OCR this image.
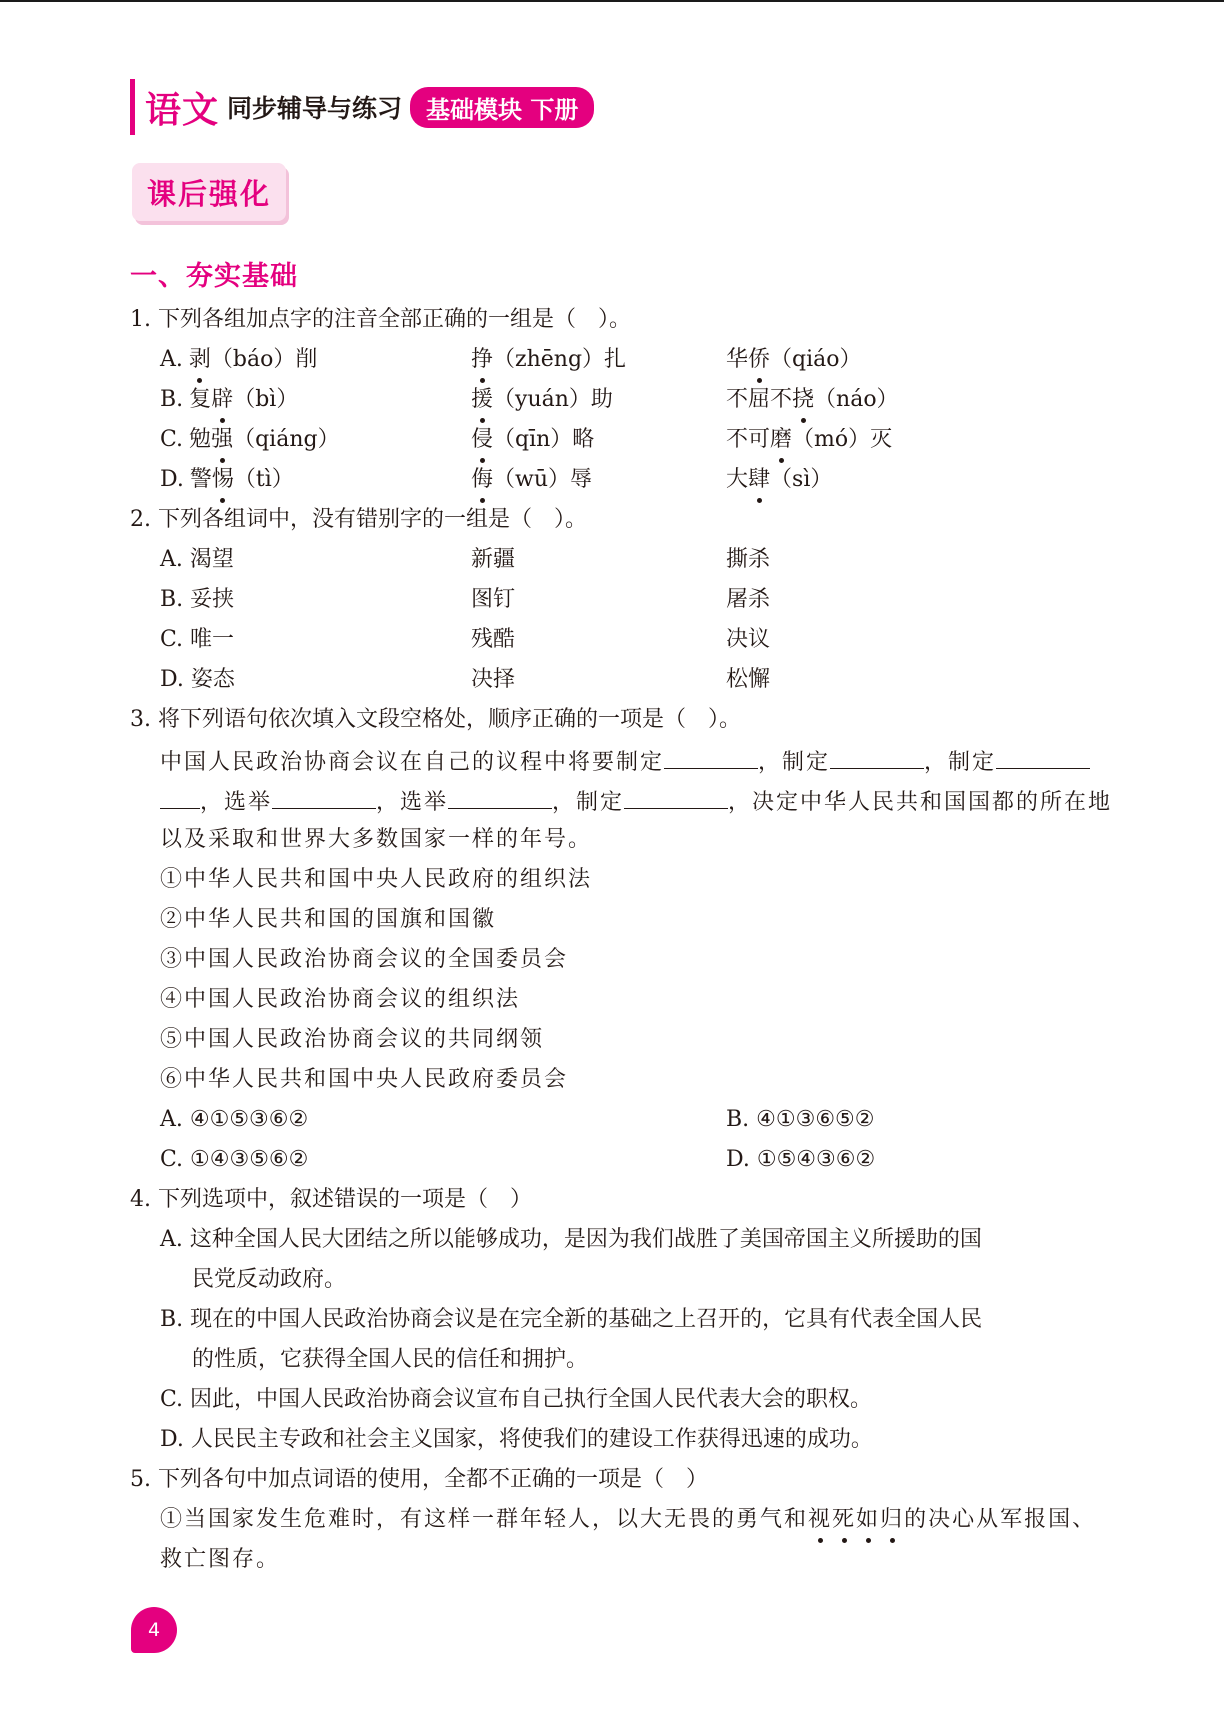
语文 同步辅导与练习	基础模块 下册
课后强化
一、夯实基础
1. 下列各组加点字的注音全部正确的一组是（　）。
A. 剥（báo）削	挣（zhēng）扎	华侨（qiáo）
B. 复辟（bì）	援（yuán）助	不屈不挠（náo）
C. 勉强（qiáng）	侵（qīn）略	不可磨（mó）灭
D. 警惕（tì）	侮（wū）辱	大肆（sì）
2. 下列各组词中，没有错别字的一组是（　）。
A. 渴望	新疆	撕杀
B. 妥挟	图钉	屠杀
C. 唯一	残酷	决议
D. 姿态	决择	松懈
3. 将下列语句依次填入文段空格处，顺序正确的一项是（　）。
中国人民政治协商会议在自己的议程中将要制定	，制定	，制定
，选举	，选举	，制定	，决定中华人民共和国国都的所在地
以及采取和世界大多数国家一样的年号。
①中华人民共和国中央人民政府的组织法
②中华人民共和国的国旗和国徽
③中国人民政治协商会议的全国委员会
④中国人民政治协商会议的组织法
⑤中国人民政治协商会议的共同纲领
⑥中华人民共和国中央人民政府委员会
A. ④①⑤③⑥②	B. ④①③⑥⑤②
C. ①④③⑤⑥②	D. ①⑤④③⑥②
4. 下列选项中，叙述错误的一项是（　）
A. 这种全国人民大团结之所以能够成功，是因为我们战胜了美国帝国主义所援助的国
民党反动政府。
B. 现在的中国人民政治协商会议是在完全新的基础之上召开的，它具有代表全国人民
的性质，它获得全国人民的信任和拥护。
C. 因此，中国人民政治协商会议宣布自己执行全国人民代表大会的职权。
D. 人民民主专政和社会主义国家，将使我们的建设工作获得迅速的成功。
5. 下列各句中加点词语的使用，全都不正确的一项是（　）
①当国家发生危难时，有这样一群年轻人，以大无畏的勇气和视死如归的决心从军报国、
救亡图存。
4
